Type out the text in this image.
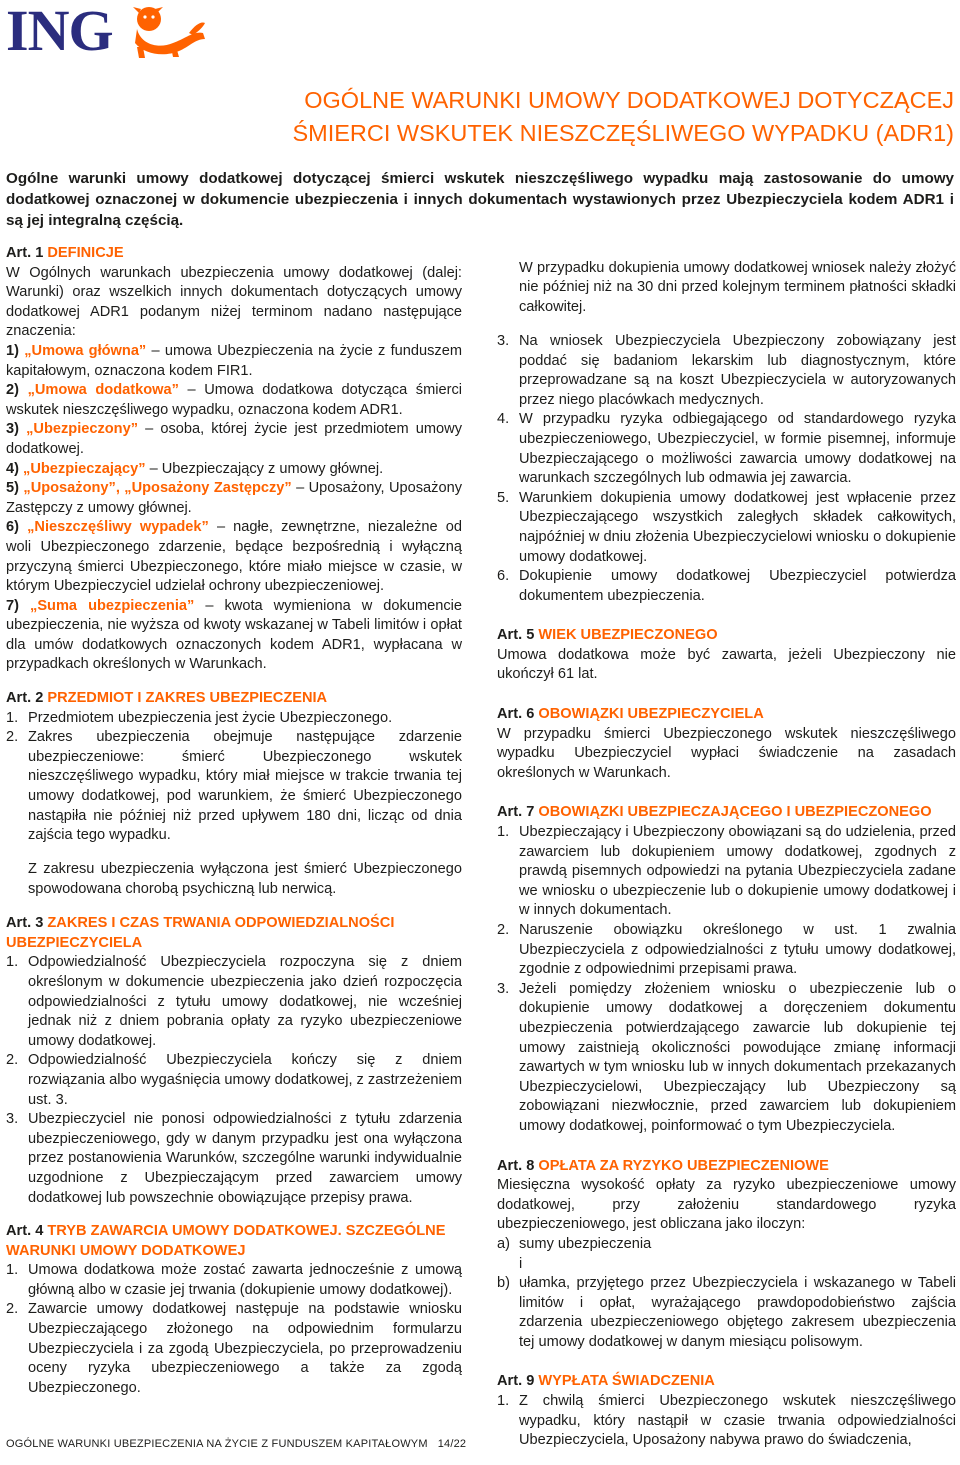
ING
OGÓLNE WARUNKI UMOWY DODATKOWEJ DOTYCZĄCEJ
ŚMIERCI WSKUTEK NIESZCZĘŚLIWEGO WYPADKU (ADR1)

Ogólne warunki umowy dodatkowej dotyczącej śmierci wskutek nieszczęśliwego wypadku mają zastosowanie do umowy dodatkowej oznaczonej w dokumencie ubezpieczenia i innych dokumentach wystawionych przez Ubezpieczyciela kodem ADR1 i są jej integralną częścią.

Art. 1 DEFINICJE

W Ogólnych warunkach ubezpieczenia umowy dodatkowej (dalej: Warunki) oraz wszelkich innych dokumentach dotyczących umowy dodatkowej ADR1 podanym niżej terminom nadano następujące znaczenia:

1) „Umowa główna” – umowa Ubezpieczenia na życie z funduszem kapitałowym, oznaczona kodem FIR1.

2) „Umowa dodatkowa” – Umowa dodatkowa dotycząca śmierci wskutek nieszczęśliwego wypadku, oznaczona kodem ADR1.

3) „Ubezpieczony” – osoba, której życie jest przedmiotem umowy dodatkowej.

4) „Ubezpieczający” – Ubezpieczający z umowy głównej.

5) „Uposażony”, „Uposażony Zastępczy” – Uposażony, Uposażony Zastępczy z umowy głównej.

6) „Nieszczęśliwy wypadek” – nagłe, zewnętrzne, niezależne od woli Ubezpieczonego zdarzenie, będące bezpośrednią i wyłączną przyczyną śmierci Ubezpieczonego, które miało miejsce w czasie, w którym Ubezpieczyciel udzielał ochrony ubezpieczeniowej.

7) „Suma ubezpieczenia” – kwota wymieniona w dokumencie ubezpieczenia, nie wyższa od kwoty wskazanej w Tabeli limitów i opłat dla umów dodatkowych oznaczonych kodem ADR1, wypłacana w przypadkach określonych w Warunkach.

Art. 2 PRZEDMIOT I ZAKRES UBEZPIECZENIA
1. Przedmiotem ubezpieczenia jest życie Ubezpieczonego.
2. Zakres ubezpieczenia obejmuje następujące zdarzenie ubezpieczeniowe: śmierć Ubezpieczonego wskutek nieszczęśliwego wypadku, który miał miejsce w trakcie trwania tej umowy dodatkowej, pod warunkiem, że śmierć Ubezpieczonego nastąpiła nie później niż przed upływem 180 dni, licząc od dnia zajścia tego wypadku.

Z zakresu ubezpieczenia wyłączona jest śmierć Ubezpieczonego spowodowana chorobą psychiczną lub nerwicą.

Art. 3 ZAKRES I CZAS TRWANIA ODPOWIEDZIALNOŚCI UBEZPIECZYCIELA
1. Odpowiedzialność Ubezpieczyciela rozpoczyna się z dniem określonym w dokumencie ubezpieczenia jako dzień rozpoczęcia odpowiedzialności z tytułu umowy dodatkowej, nie wcześniej jednak niż z dniem pobrania opłaty za ryzyko ubezpieczeniowe umowy dodatkowej.
2. Odpowiedzialność Ubezpieczyciela kończy się z dniem rozwiązania albo wygaśnięcia umowy dodatkowej, z zastrzeżeniem ust. 3.
3. Ubezpieczyciel nie ponosi odpowiedzialności z tytułu zdarzenia ubezpieczeniowego, gdy w danym przypadku jest ona wyłączona przez postanowienia Warunków, szczególne warunki indywidualnie uzgodnione z Ubezpieczającym przed zawarciem umowy dodatkowej lub powszechnie obowiązujące przepisy prawa.
Art. 4 TRYB ZAWARCIA UMOWY DODATKOWEJ. SZCZEGÓLNE WARUNKI UMOWY DODATKOWEJ
1. Umowa dodatkowa może zostać zawarta jednocześnie z umową główną albo w czasie jej trwania (dokupienie umowy dodatkowej).
2. Zawarcie umowy dodatkowej następuje na podstawie wniosku Ubezpieczającego złożonego na odpowiednim formularzu Ubezpieczyciela i za zgodą Ubezpieczyciela, po przeprowadzeniu oceny ryzyka ubezpieczeniowego a także za zgodą Ubezpieczonego.

W przypadku dokupienia umowy dodatkowej wniosek należy złożyć nie później niż na 30 dni przed kolejnym terminem płatności składki całkowitej.

3. Na wniosek Ubezpieczyciela Ubezpieczony zobowiązany jest poddać się badaniom lekarskim lub diagnostycznym, które przeprowadzane są na koszt Ubezpieczyciela w autoryzowanych przez niego placówkach medycznych.
4. W przypadku ryzyka odbiegającego od standardowego ryzyka ubezpieczeniowego, Ubezpieczyciel, w formie pisemnej, informuje Ubezpieczającego o możliwości zawarcia umowy dodatkowej na warunkach szczególnych lub odmawia jej zawarcia.
5. Warunkiem dokupienia umowy dodatkowej jest wpłacenie przez Ubezpieczającego wszystkich zaległych składek całkowitych, najpóźniej w dniu złożenia Ubezpieczycielowi wniosku o dokupienie umowy dodatkowej.
6. Dokupienie umowy dodatkowej Ubezpieczyciel potwierdza dokumentem ubezpieczenia.
Art. 5 WIEK UBEZPIECZONEGO

Umowa dodatkowa może być zawarta, jeżeli Ubezpieczony nie ukończył 61 lat.

Art. 6 OBOWIĄZKI UBEZPIECZYCIELA

W przypadku śmierci Ubezpieczonego wskutek nieszczęśliwego wypadku Ubezpieczyciel wypłaci świadczenie na zasadach określonych w Warunkach.

Art. 7 OBOWIĄZKI UBEZPIECZAJĄCEGO I UBEZPIECZONEGO
1. Ubezpieczający i Ubezpieczony obowiązani są do udzielenia, przed zawarciem lub dokupieniem umowy dodatkowej, zgodnych z prawdą pisemnych odpowiedzi na pytania Ubezpieczyciela zadane we wniosku o ubezpieczenie lub o dokupienie umowy dodatkowej i w innych dokumentach.
2. Naruszenie obowiązku określonego w ust. 1 zwalnia Ubezpieczyciela z odpowiedzialności z tytułu umowy dodatkowej, zgodnie z odpowiednimi przepisami prawa.
3. Jeżeli pomiędzy złożeniem wniosku o ubezpieczenie lub o dokupienie umowy dodatkowej a doręczeniem dokumentu ubezpieczenia potwierdzającego zawarcie lub dokupienie tej umowy zaistnieją okoliczności powodujące zmianę informacji zawartych w tym wniosku lub w innych dokumentach przekazanych Ubezpieczycielowi, Ubezpieczający lub Ubezpieczony są zobowiązani niezwłocznie, przed zawarciem lub dokupieniem umowy dodatkowej, poinformować o tym Ubezpieczyciela.
Art. 8 OPŁATA ZA RYZYKO UBEZPIECZENIOWE

Miesięczna wysokość opłaty za ryzyko ubezpieczeniowe umowy dodatkowej, przy założeniu standardowego ryzyka ubezpieczeniowego, jest obliczana jako iloczyn:

a) sumy ubezpieczenia
i
b) ułamka, przyjętego przez Ubezpieczyciela i wskazanego w Tabeli limitów i opłat, wyrażającego prawdopodobieństwo zajścia zdarzenia ubezpieczeniowego objętego zakresem ubezpieczenia tej umowy dodatkowej w danym miesiącu polisowym.
Art. 9 WYPŁATA ŚWIADCZENIA
1. Z chwilą śmierci Ubezpieczonego wskutek nieszczęśliwego wypadku, który nastąpił w czasie trwania odpowiedzialności Ubezpieczyciela, Uposażony nabywa prawo do świadczenia,
OGÓLNE WARUNKI UBEZPIECZENIA NA ŻYCIE Z FUNDUSZEM KAPITAŁOWYM 14/22
